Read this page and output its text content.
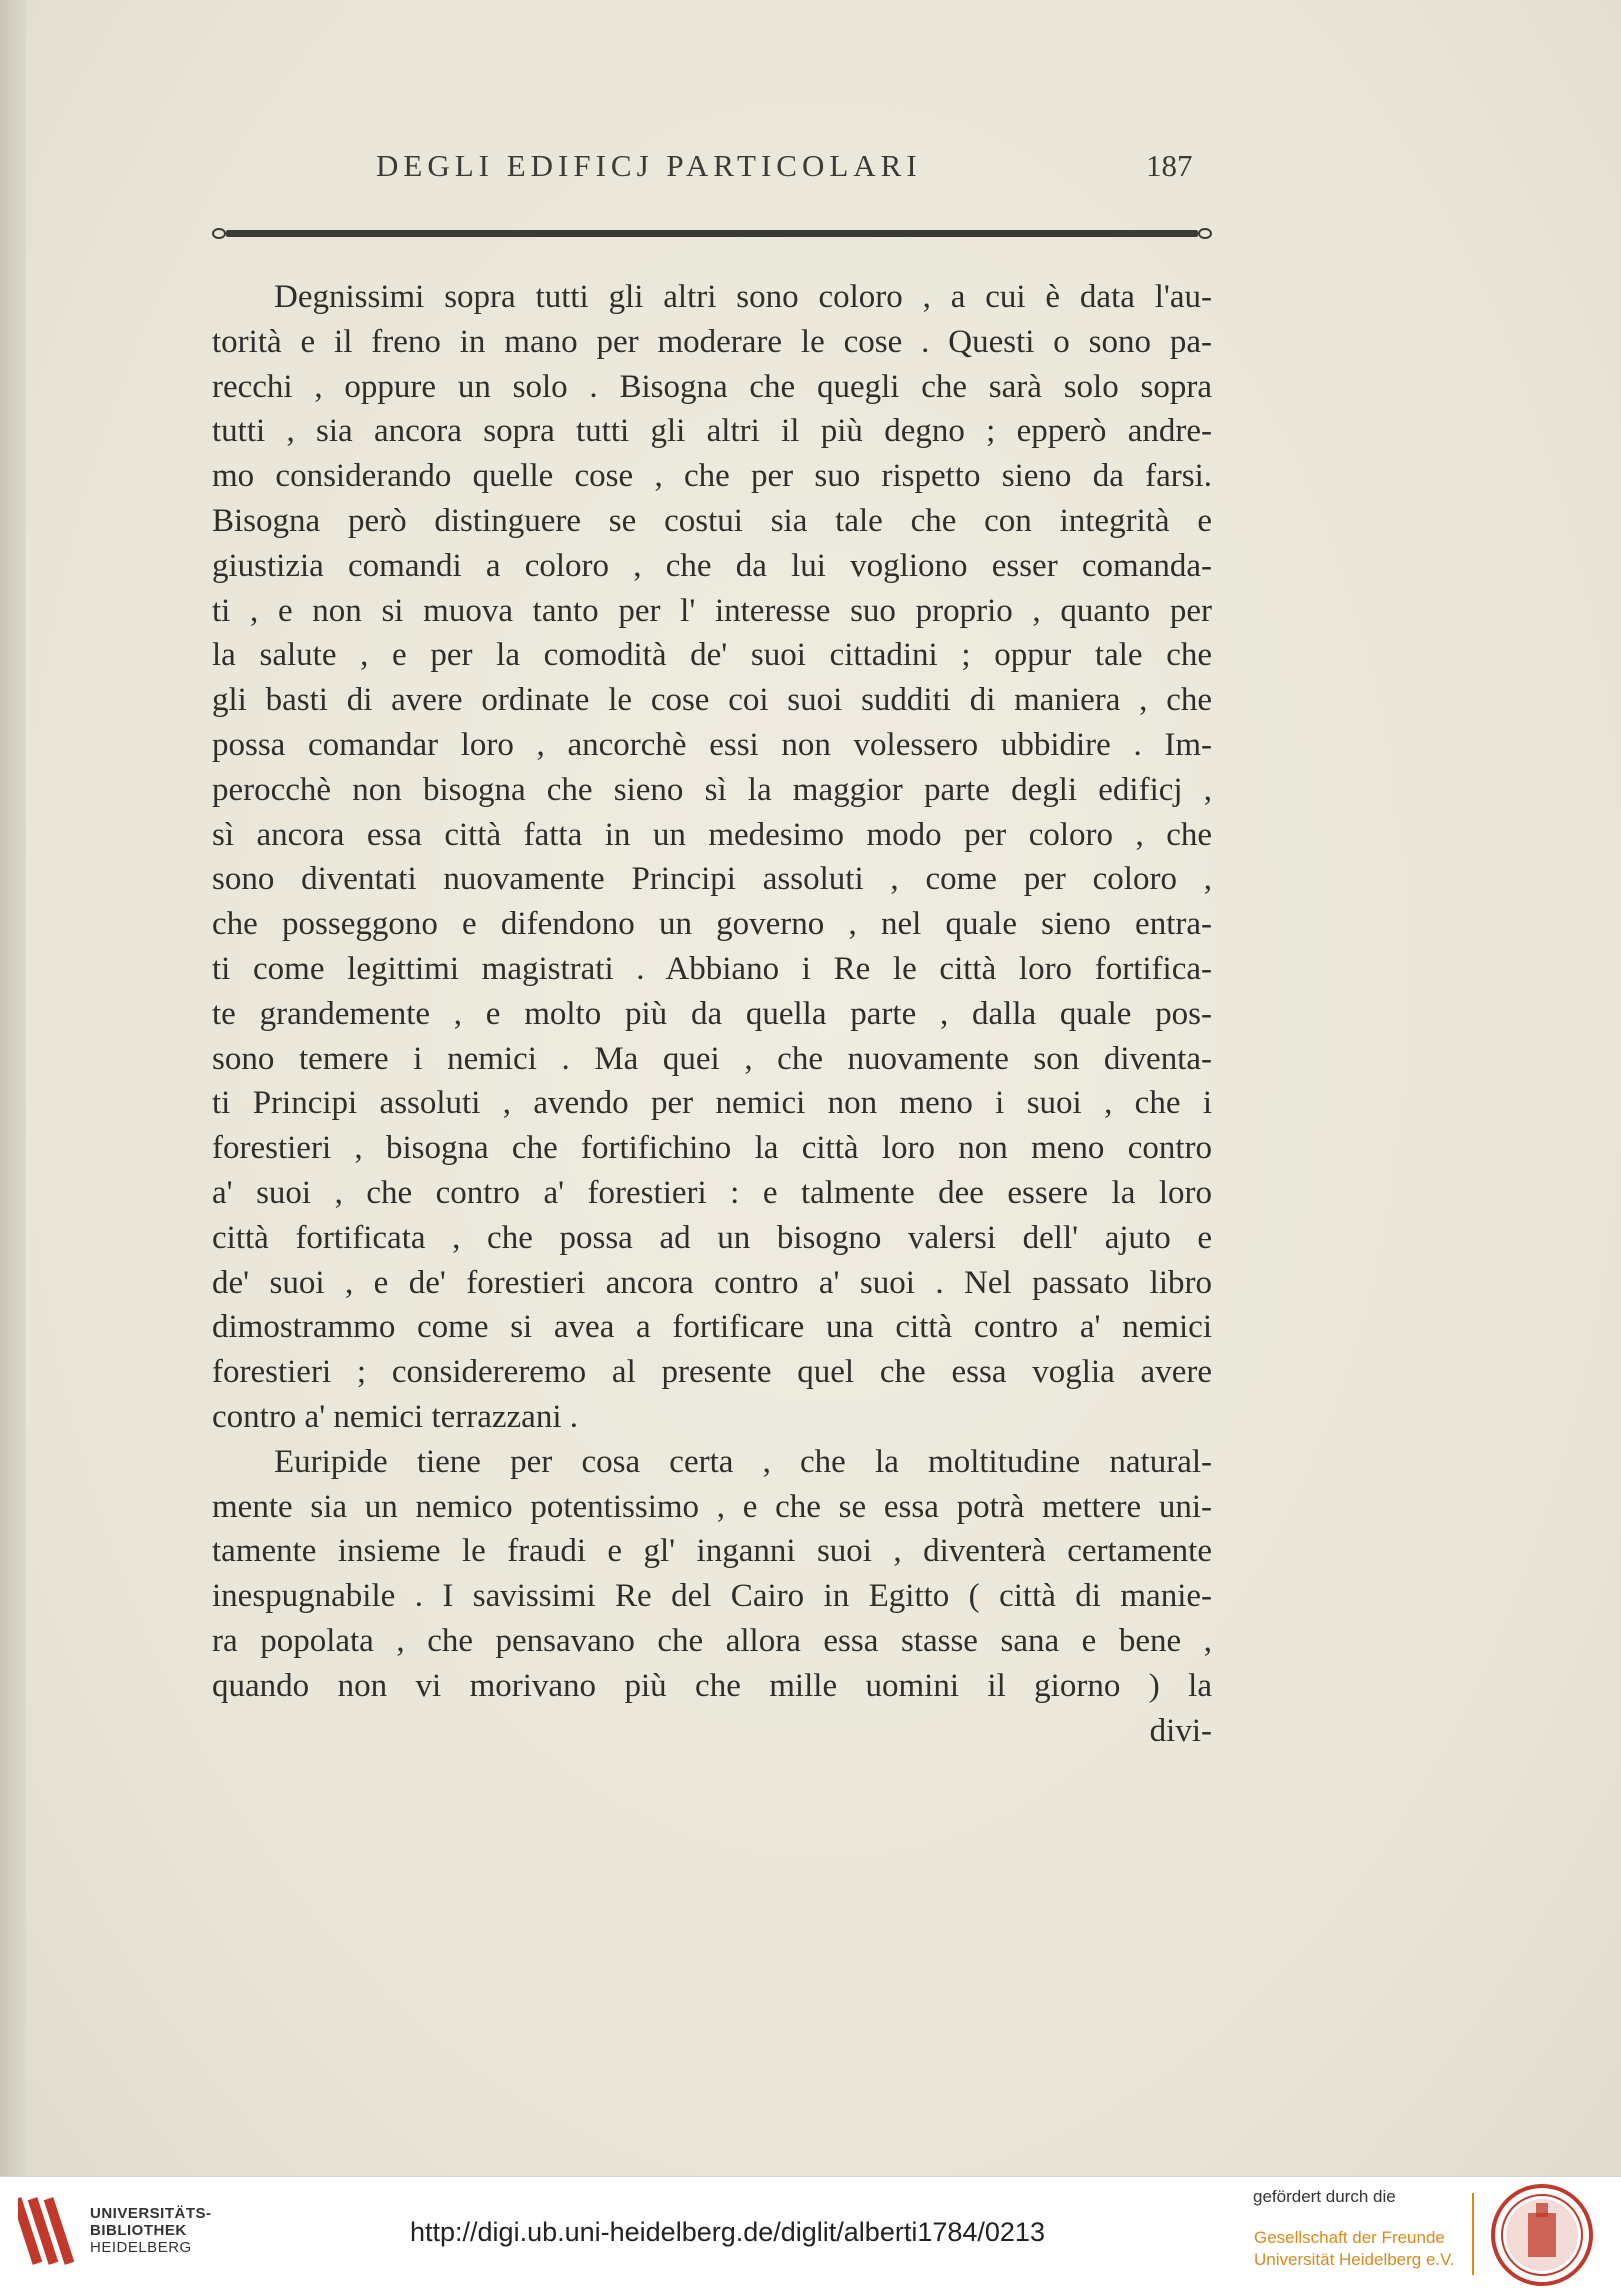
DEGLI EDIFICJ PARTICOLARI	187
Degnissimi sopra tutti gli altri sono coloro , a cui è data l'au-
torità e il freno in mano per moderare le cose . Questi o sono pa-
recchi , oppure un solo . Bisogna che quegli che sarà solo sopra
tutti , sia ancora sopra tutti gli altri il più degno ; epperò andre-
mo considerando quelle cose , che per suo rispetto sieno da farsi.
Bisogna però distinguere se costui sia tale che con integrità e
giustizia comandi a coloro , che da lui vogliono esser comanda-
ti , e non si muova tanto per l' interesse suo proprio , quanto per
la salute , e per la comodità de' suoi cittadini ; oppur tale che
gli basti di avere ordinate le cose coi suoi sudditi di maniera , che
possa comandar loro , ancorchè essi non volessero ubbidire . Im-
perocchè non bisogna che sieno sì la maggior parte degli edificj ,
sì ancora essa città fatta in un medesimo modo per coloro , che
sono diventati nuovamente Principi assoluti , come per coloro ,
che posseggono e difendono un governo , nel quale sieno entra-
ti come legittimi magistrati . Abbiano i Re le città loro fortifica-
te grandemente , e molto più da quella parte , dalla quale pos-
sono temere i nemici . Ma quei , che nuovamente son diventa-
ti Principi assoluti , avendo per nemici non meno i suoi , che i
forestieri , bisogna che fortifichino la città loro non meno contro
a' suoi , che contro a' forestieri : e talmente dee essere la loro
città fortificata , che possa ad un bisogno valersi dell' ajuto e
de' suoi , e de' forestieri ancora contro a' suoi . Nel passato libro
dimostrammo come si avea a fortificare una città contro a' nemici
forestieri ; considereremo al presente quel che essa voglia avere
contro a' nemici terrazzani .
Euripide tiene per cosa certa , che la moltitudine natural-
mente sia un nemico potentissimo , e che se essa potrà mettere uni-
tamente insieme le fraudi e gl' inganni suoi , diventerà certamente
inespugnabile . I savissimi Re del Cairo in Egitto ( città di manie-
ra popolata , che pensavano che allora essa stasse sana e bene ,
quando non vi morivano più che mille uomini il giorno ) la
divi-
UNIVERSITÄTS-
BIBLIOTHEK
HEIDELBERG
http://digi.ub.uni-heidelberg.de/diglit/alberti1784/0213
gefördert durch die
Gesellschaft der Freunde
Universität Heidelberg e.V.
